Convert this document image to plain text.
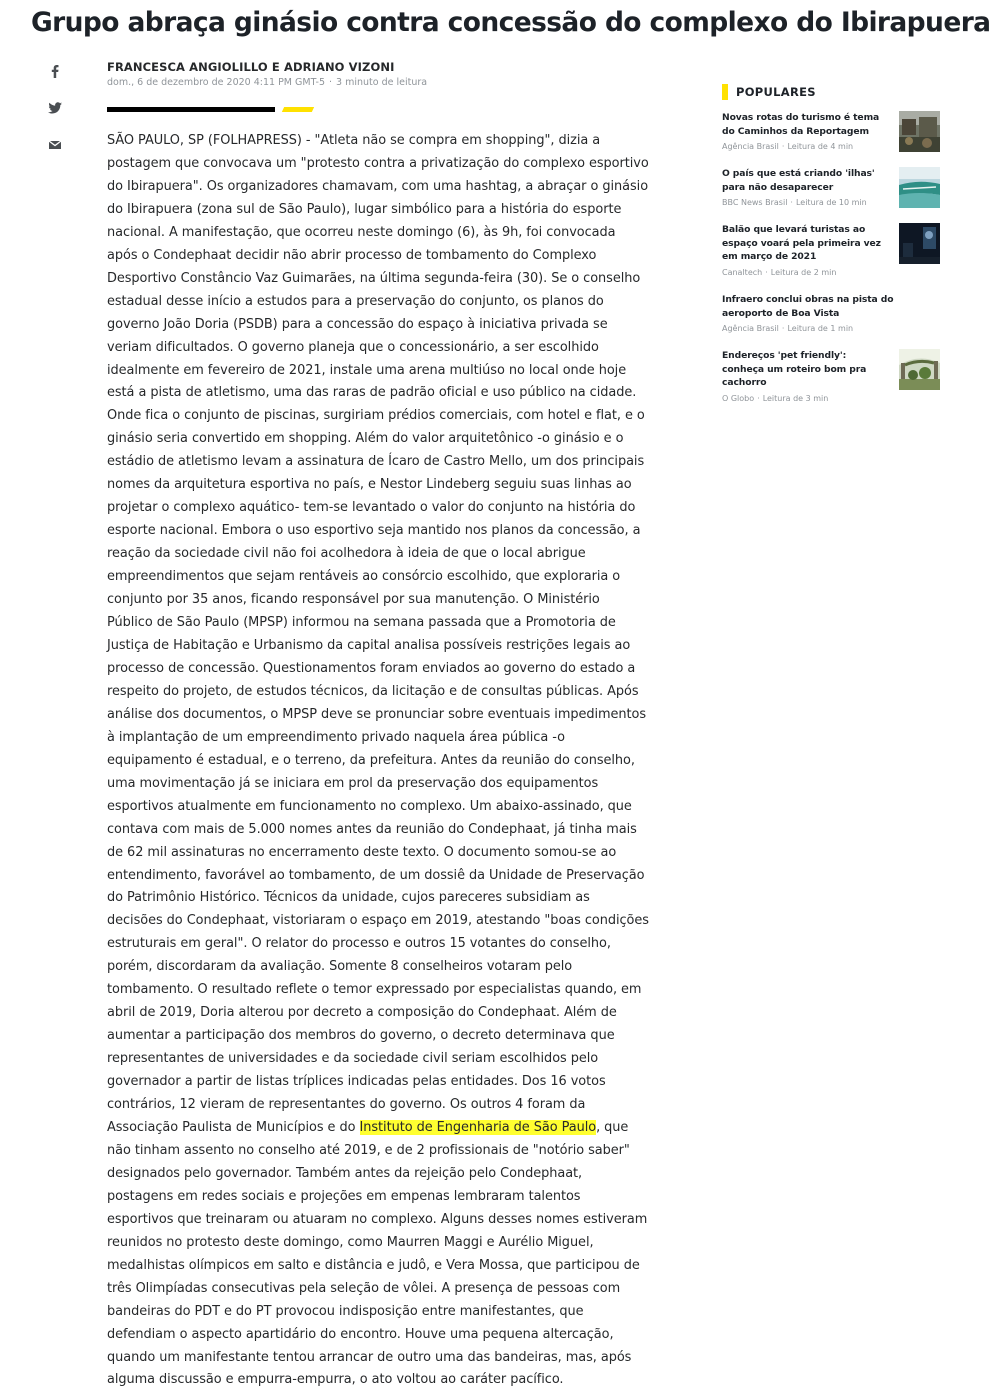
Grupo abraça ginásio contra concessão do complexo do Ibirapuera
FRANCESCA ANGIOLILLO E ADRIANO VIZONI
dom., 6 de dezembro de 2020 4:11 PM GMT-5 · 3 minuto de leitura
SÃO PAULO, SP (FOLHAPRESS) - "Atleta não se compra em shopping", dizia a postagem que convocava um "protesto contra a privatização do complexo esportivo do Ibirapuera". Os organizadores chamavam, com uma hashtag, a abraçar o ginásio do Ibirapuera (zona sul de São Paulo), lugar simbólico para a história do esporte nacional. A manifestação, que ocorreu neste domingo (6), às 9h, foi convocada após o Condephaat decidir não abrir processo de tombamento do Complexo Desportivo Constâncio Vaz Guimarães, na última segunda-feira (30). Se o conselho estadual desse início a estudos para a preservação do conjunto, os planos do governo João Doria (PSDB) para a concessão do espaço à iniciativa privada se veriam dificultados. O governo planeja que o concessionário, a ser escolhido idealmente em fevereiro de 2021, instale uma arena multiúso no local onde hoje está a pista de atletismo, uma das raras de padrão oficial e uso público na cidade. Onde fica o conjunto de piscinas, surgiriam prédios comerciais, com hotel e flat, e o ginásio seria convertido em shopping. Além do valor arquitetônico -o ginásio e o estádio de atletismo levam a assinatura de Ícaro de Castro Mello, um dos principais nomes da arquitetura esportiva no país, e Nestor Lindeberg seguiu suas linhas ao projetar o complexo aquático- tem-se levantado o valor do conjunto na história do esporte nacional. Embora o uso esportivo seja mantido nos planos da concessão, a reação da sociedade civil não foi acolhedora à ideia de que o local abrigue empreendimentos que sejam rentáveis ao consórcio escolhido, que exploraria o conjunto por 35 anos, ficando responsável por sua manutenção. O Ministério Público de São Paulo (MPSP) informou na semana passada que a Promotoria de Justiça de Habitação e Urbanismo da capital analisa possíveis restrições legais ao processo de concessão. Questionamentos foram enviados ao governo do estado a respeito do projeto, de estudos técnicos, da licitação e de consultas públicas. Após análise dos documentos, o MPSP deve se pronunciar sobre eventuais impedimentos à implantação de um empreendimento privado naquela área pública -o equipamento é estadual, e o terreno, da prefeitura. Antes da reunião do conselho, uma movimentação já se iniciara em prol da preservação dos equipamentos esportivos atualmente em funcionamento no complexo. Um abaixo-assinado, que contava com mais de 5.000 nomes antes da reunião do Condephaat, já tinha mais de 62 mil assinaturas no encerramento deste texto. O documento somou-se ao entendimento, favorável ao tombamento, de um dossiê da Unidade de Preservação do Patrimônio Histórico. Técnicos da unidade, cujos pareceres subsidiam as decisões do Condephaat, vistoriaram o espaço em 2019, atestando "boas condições estruturais em geral". O relator do processo e outros 15 votantes do conselho, porém, discordaram da avaliação. Somente 8 conselheiros votaram pelo tombamento. O resultado reflete o temor expressado por especialistas quando, em abril de 2019, Doria alterou por decreto a composição do Condephaat. Além de aumentar a participação dos membros do governo, o decreto determinava que representantes de universidades e da sociedade civil seriam escolhidos pelo governador a partir de listas tríplices indicadas pelas entidades. Dos 16 votos contrários, 12 vieram de representantes do governo. Os outros 4 foram da Associação Paulista de Municípios e do Instituto de Engenharia de São Paulo, que não tinham assento no conselho até 2019, e de 2 profissionais de "notório saber" designados pelo governador. Também antes da rejeição pelo Condephaat, postagens em redes sociais e projeções em empenas lembraram talentos esportivos que treinaram ou atuaram no complexo. Alguns desses nomes estiveram reunidos no protesto deste domingo, como Maurren Maggi e Aurélio Miguel, medalhistas olímpicos em salto e distância e judô, e Vera Mossa, que participou de três Olimpíadas consecutivas pela seleção de vôlei. A presença de pessoas com bandeiras do PDT e do PT provocou indisposição entre manifestantes, que defendiam o aspecto apartidário do encontro. Houve uma pequena altercação, quando um manifestante tentou arrancar de outro uma das bandeiras, mas, após alguma discussão e empurra-empurra, o ato voltou ao caráter pacífico.
POPULARES
Novas rotas do turismo é tema do Caminhos da Reportagem
Agência Brasil · Leitura de 4 min
O país que está criando 'ilhas' para não desaparecer
BBC News Brasil · Leitura de 10 min
Balão que levará turistas ao espaço voará pela primeira vez em março de 2021
Canaltech · Leitura de 2 min
Infraero conclui obras na pista do aeroporto de Boa Vista
Agência Brasil · Leitura de 1 min
Endereços 'pet friendly': conheça um roteiro bom pra cachorro
O Globo · Leitura de 3 min
